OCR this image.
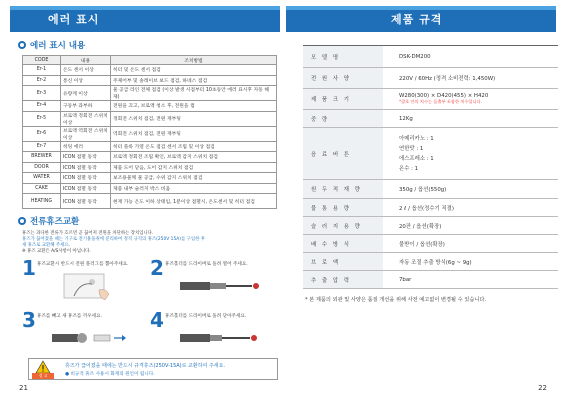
에러 표시
에러 표시 내용
CODE	내용	조치방법
Er-1	온도 센서 이상	히터 및 온도 센서 점검
Er-2	통신 이상	주제어부 및 솔레이브 보드 점검, 하네스 점검
Er-3	유량계 이상	물 공급 라인 전체 점검 (이상 발생 시점부터 10초동안 에러 표시후 자동 해제)
Er-4	구동부 과부하	전원을 끄고, 브로액 청소 후, 전원을 켬
Er-5	브로액 정회전 스위치 이상	정회전 스위치 점검, 전원 재부팅
Er-6	브로액 역회전 스위치 이상	역회전 스위치 점검, 전원 재부팅
Er-7	히팅 에러	히터 플룩 가열 온도 점검 센서 조립 및 이상 점검
BREWER	ICON 점멸 동작	브로액 정회전 조립 확인, 브로액 감지 스위치 점검
DOOR	ICON 점멸 동작	제품 도어 닫음, 도어 감지 스위치 점검
WATER	ICON 점멸 동작	보조용물께 물 공급, 수위 감지 스위치 점검
CAKE	ICON 점멸 동작	제품 내부 슬러지 박스 비움
HEATING	ICON 점멸 동작	현재 가능 온도 이하 상태임, 1분이상 점멸시, 온도센서 및 히터 점검
전류휴즈교환
휴즈는 과다한 전류가 흐르면 곧 끊어져 전원을 차단하는 장치입니다.
휴즈가 끊어졌을 때는 기구로 전기용품취에 분리하여 정격 규격의 휴즈(250V 15A)를 구입한 후
새 휴즈로 교환해 주세요.
※ 휴즈 교환은 A/S사항이 아닙니다.
1 휴즈교환시 반드시 전원 플러그를 뽑아주세요.	2 휴즈홀더를 드라이버로 돌려 열어 주세요.
3 휴즈를 빼고 새 휴즈를 끼우세요.	4 휴즈홀더를 드라이버로 돌려 닫아주세요.
경 고
휴즈가 끊어졌을 때에는 반드시 규격휴즈(250V-15A)로 교환하여 주세요.
● 비규격 휴즈 사용시 화재의 원인이 됩니다.
21
제품 규격
모 델 명	DSK-DM200

전 원 사 양	220V / 60Hz (정격 소비전력: 1,450W)

제 품 크 기	W280(300) × D420(455) × H420
*괄호 안의 치수는 돌출부 포함한 치수입니다.

중 량	12Kg

음 료 버 튼	아메리카노 : 1
연한맛 : 1
에스프레소 : 1
온수 : 1

원 두 적 재 량	350g / 옵션(550g)

물 통 용 량	2 ℓ / 옵션(정수기 직결)

슬 러 지 용 량	20잔 / 옵션(확장)

배 수 방 식	물받이 / 옵션(확장)

브 로 액	자동 조절 추출 방식(6g ~ 9g)

추 출 압 력	7bar
* 본 제품의 외관 및 사양은 품질 개선을 위해 사전 예고없이 변경될 수 있습니다.
22
